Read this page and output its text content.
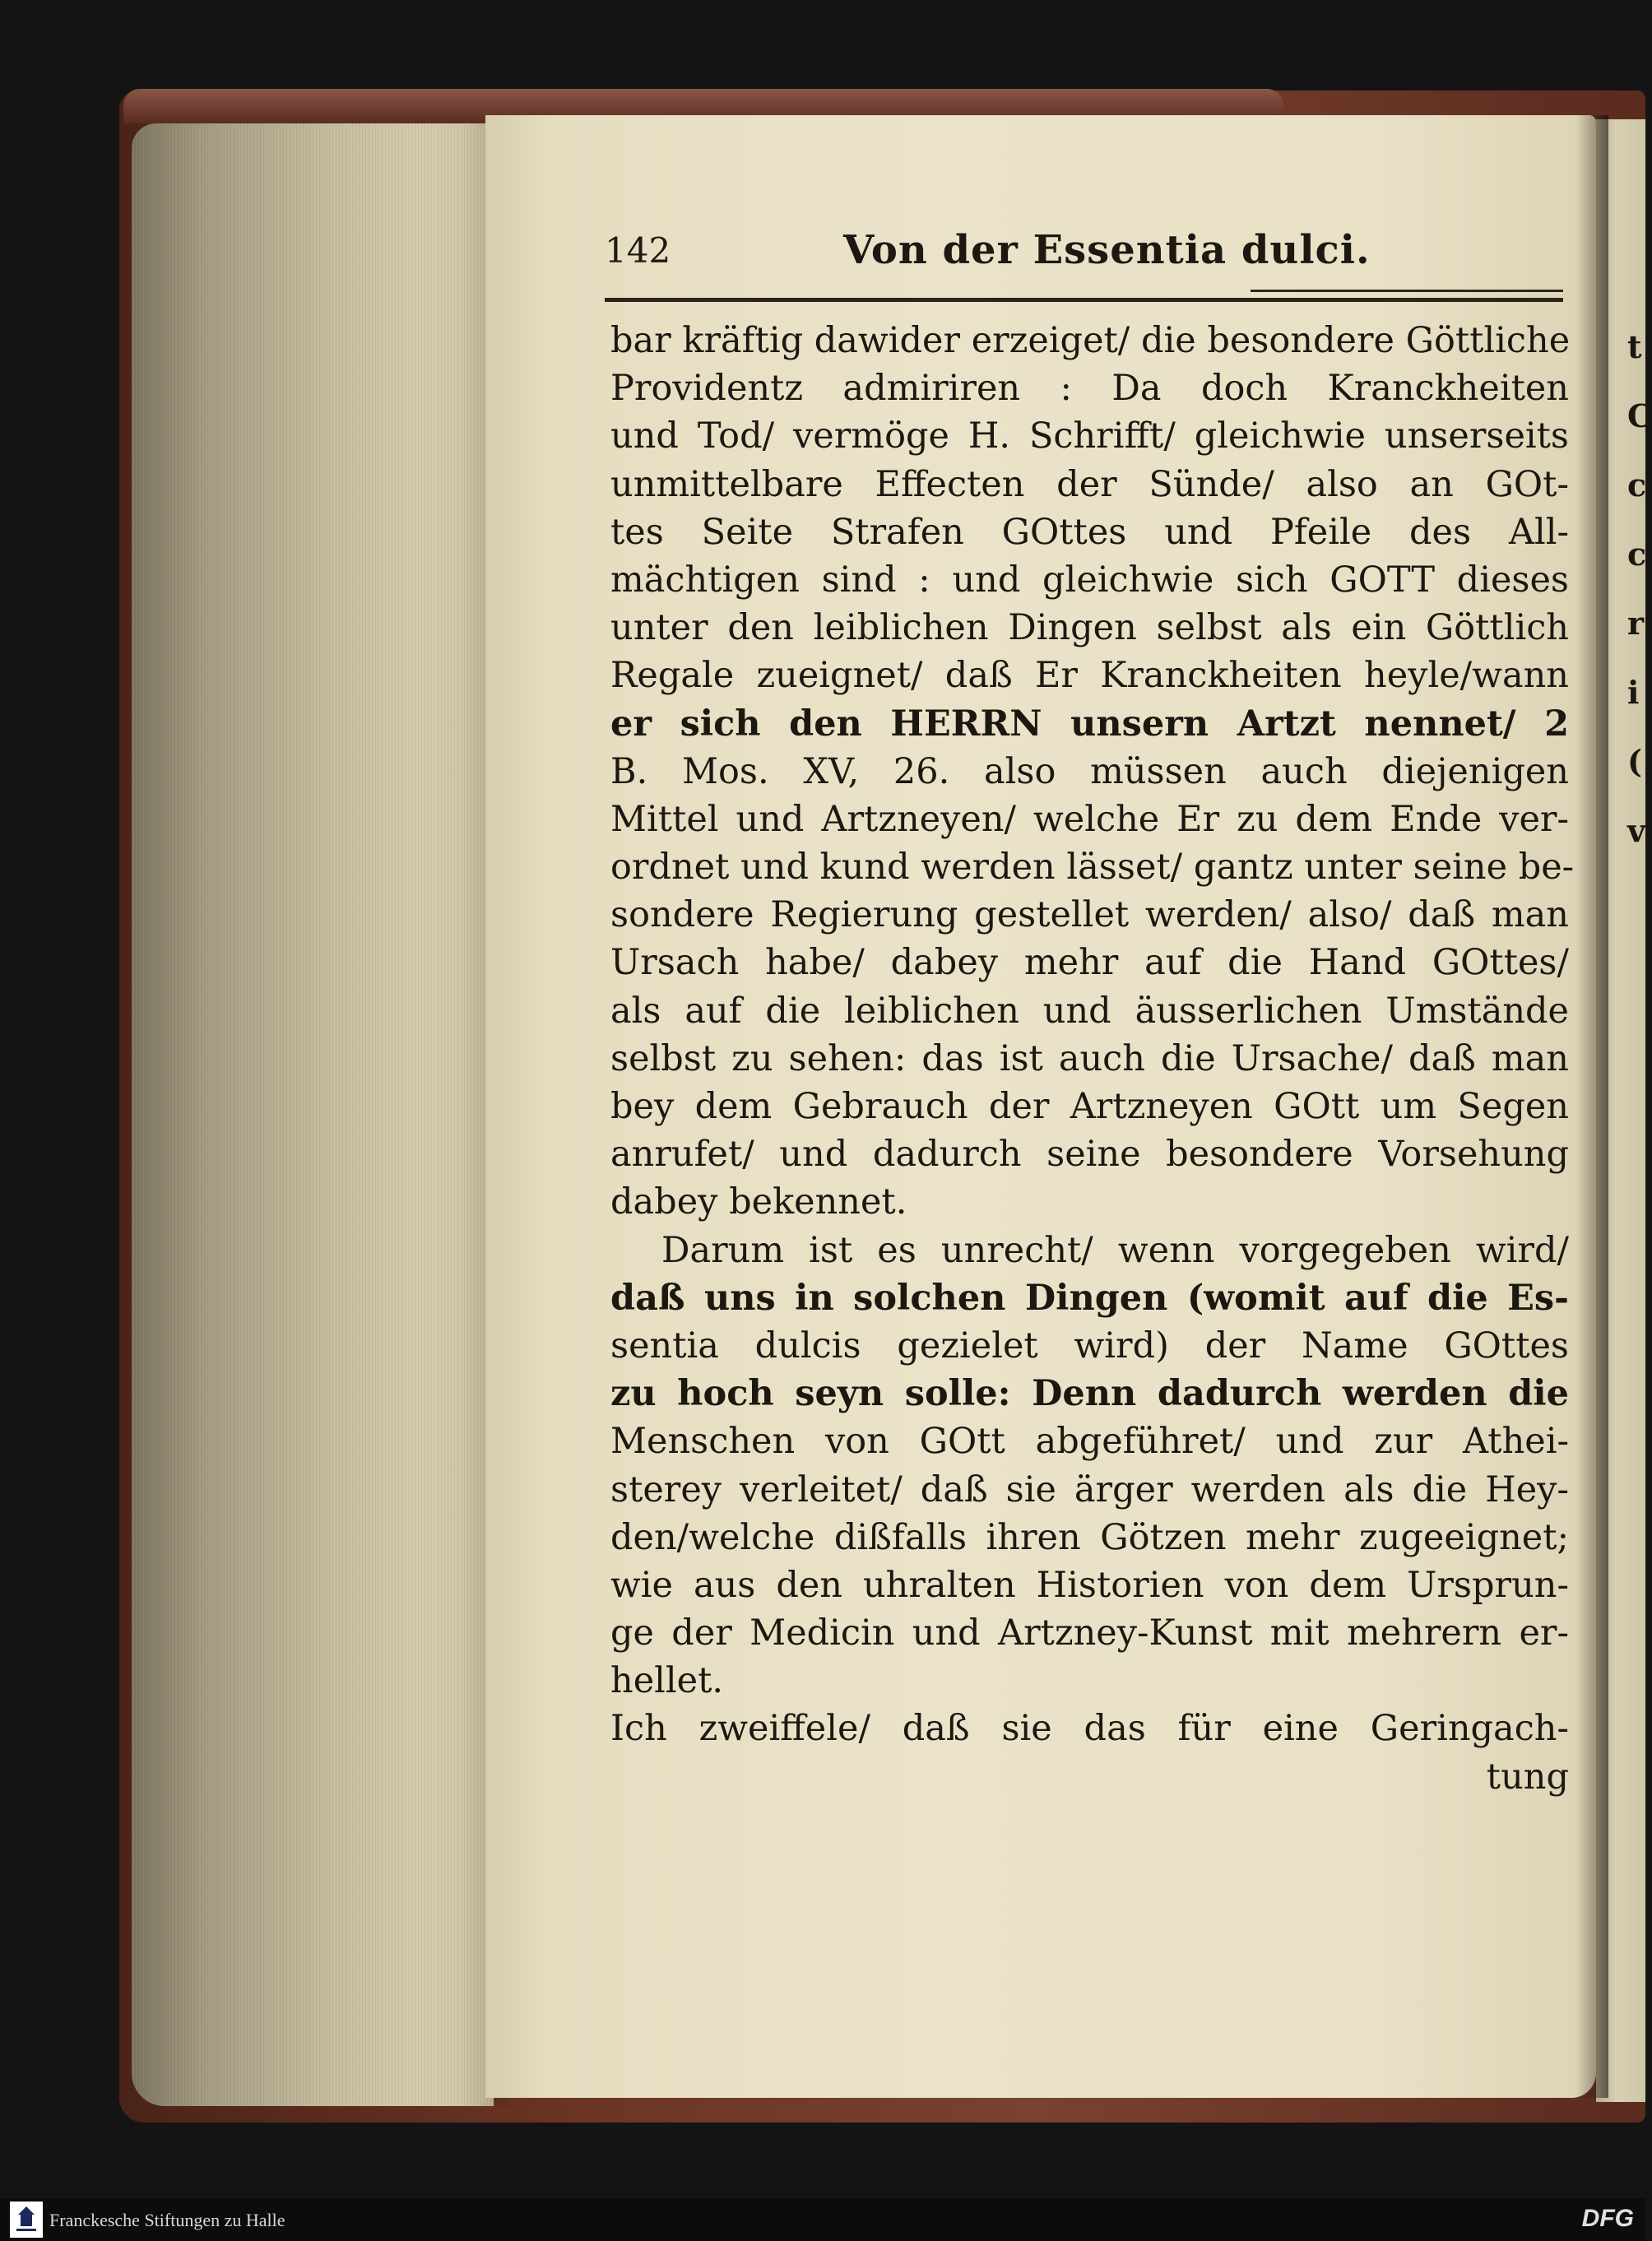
t
C
c
c
r
i
(
v
142	Von der Essentia dulci.
bar kräftig dawider erzeiget/ die besondere Göttliche
Providentz admiriren : Da doch Kranckheiten
und Tod/ vermöge H. Schrifft/ gleichwie unserseits
unmittelbare Effecten der Sünde/ also an GOt-
tes Seite Strafen GOttes und Pfeile des All-
mächtigen sind : und gleichwie sich GOTT dieses
unter den leiblichen Dingen selbst als ein Göttlich
Regale zueignet/ daß Er Kranckheiten heyle/wann
er sich den HERRN unsern Artzt nennet/ 2
B. Mos. XV, 26. also müssen auch diejenigen
Mittel und Artzneyen/ welche Er zu dem Ende ver-
ordnet und kund werden lässet/ gantz unter seine be-
sondere Regierung gestellet werden/ also/ daß man
Ursach habe/ dabey mehr auf die Hand GOttes/
als auf die leiblichen und äusserlichen Umstände
selbst zu sehen: das ist auch die Ursache/ daß man
bey dem Gebrauch der Artzneyen GOtt um Segen
anrufet/ und dadurch seine besondere Vorsehung
dabey bekennet.
Darum ist es unrecht/ wenn vorgegeben wird/
daß uns in solchen Dingen (womit auf die Es-
sentia dulcis gezielet wird) der Name GOttes
zu hoch seyn solle: Denn dadurch werden die
Menschen von GOtt abgeführet/ und zur Athei-
sterey verleitet/ daß sie ärger werden als die Hey-
den/welche dißfalls ihren Götzen mehr zugeeignet;
wie aus den uhralten Historien von dem Ursprun-
ge der Medicin und Artzney-Kunst mit mehrern er-
hellet.
Ich zweiffele/ daß sie das für eine Geringach-
tung
Franckesche Stiftungen zu Halle	DFG
